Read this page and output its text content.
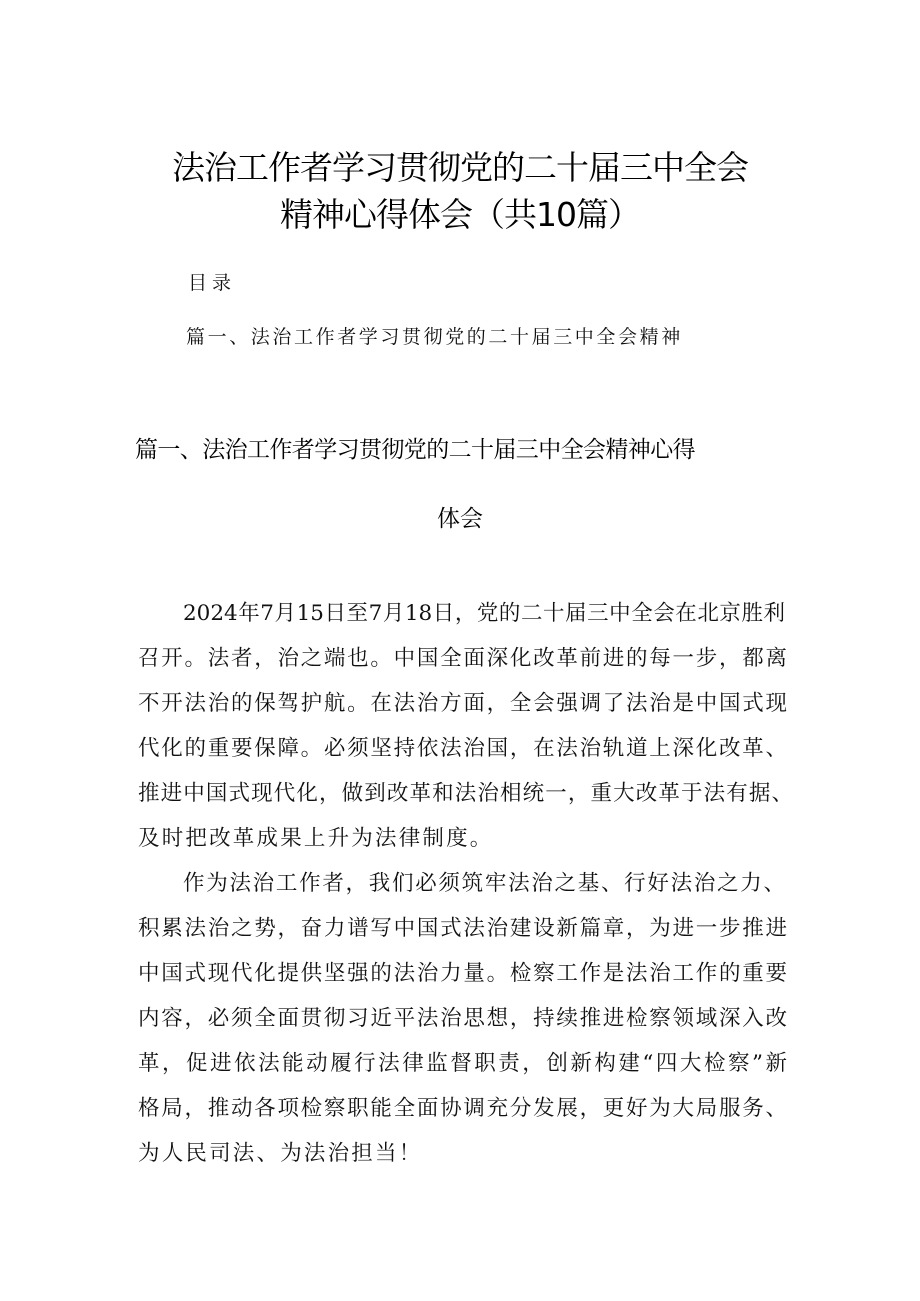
法治工作者学习贯彻党的二十届三中全会
精神心得体会（共10篇）
目录
篇一、法治工作者学习贯彻党的二十届三中全会精神
篇一、法治工作者学习贯彻党的二十届三中全会精神心得
体会
2024年7月15日至7月18日，党的二十届三中全会在北京胜利
召开。法者，治之端也。中国全面深化改革前进的每一步，都离
不开法治的保驾护航。在法治方面，全会强调了法治是中国式现
代化的重要保障。必须坚持依法治国，在法治轨道上深化改革、
推进中国式现代化，做到改革和法治相统一，重大改革于法有据、
及时把改革成果上升为法律制度。
作为法治工作者，我们必须筑牢法治之基、行好法治之力、
积累法治之势，奋力谱写中国式法治建设新篇章，为进一步推进
中国式现代化提供坚强的法治力量。检察工作是法治工作的重要
内容，必须全面贯彻习近平法治思想，持续推进检察领域深入改
革，促进依法能动履行法律监督职责，创新构建“四大检察”新
格局，推动各项检察职能全面协调充分发展，更好为大局服务、
为人民司法、为法治担当！
